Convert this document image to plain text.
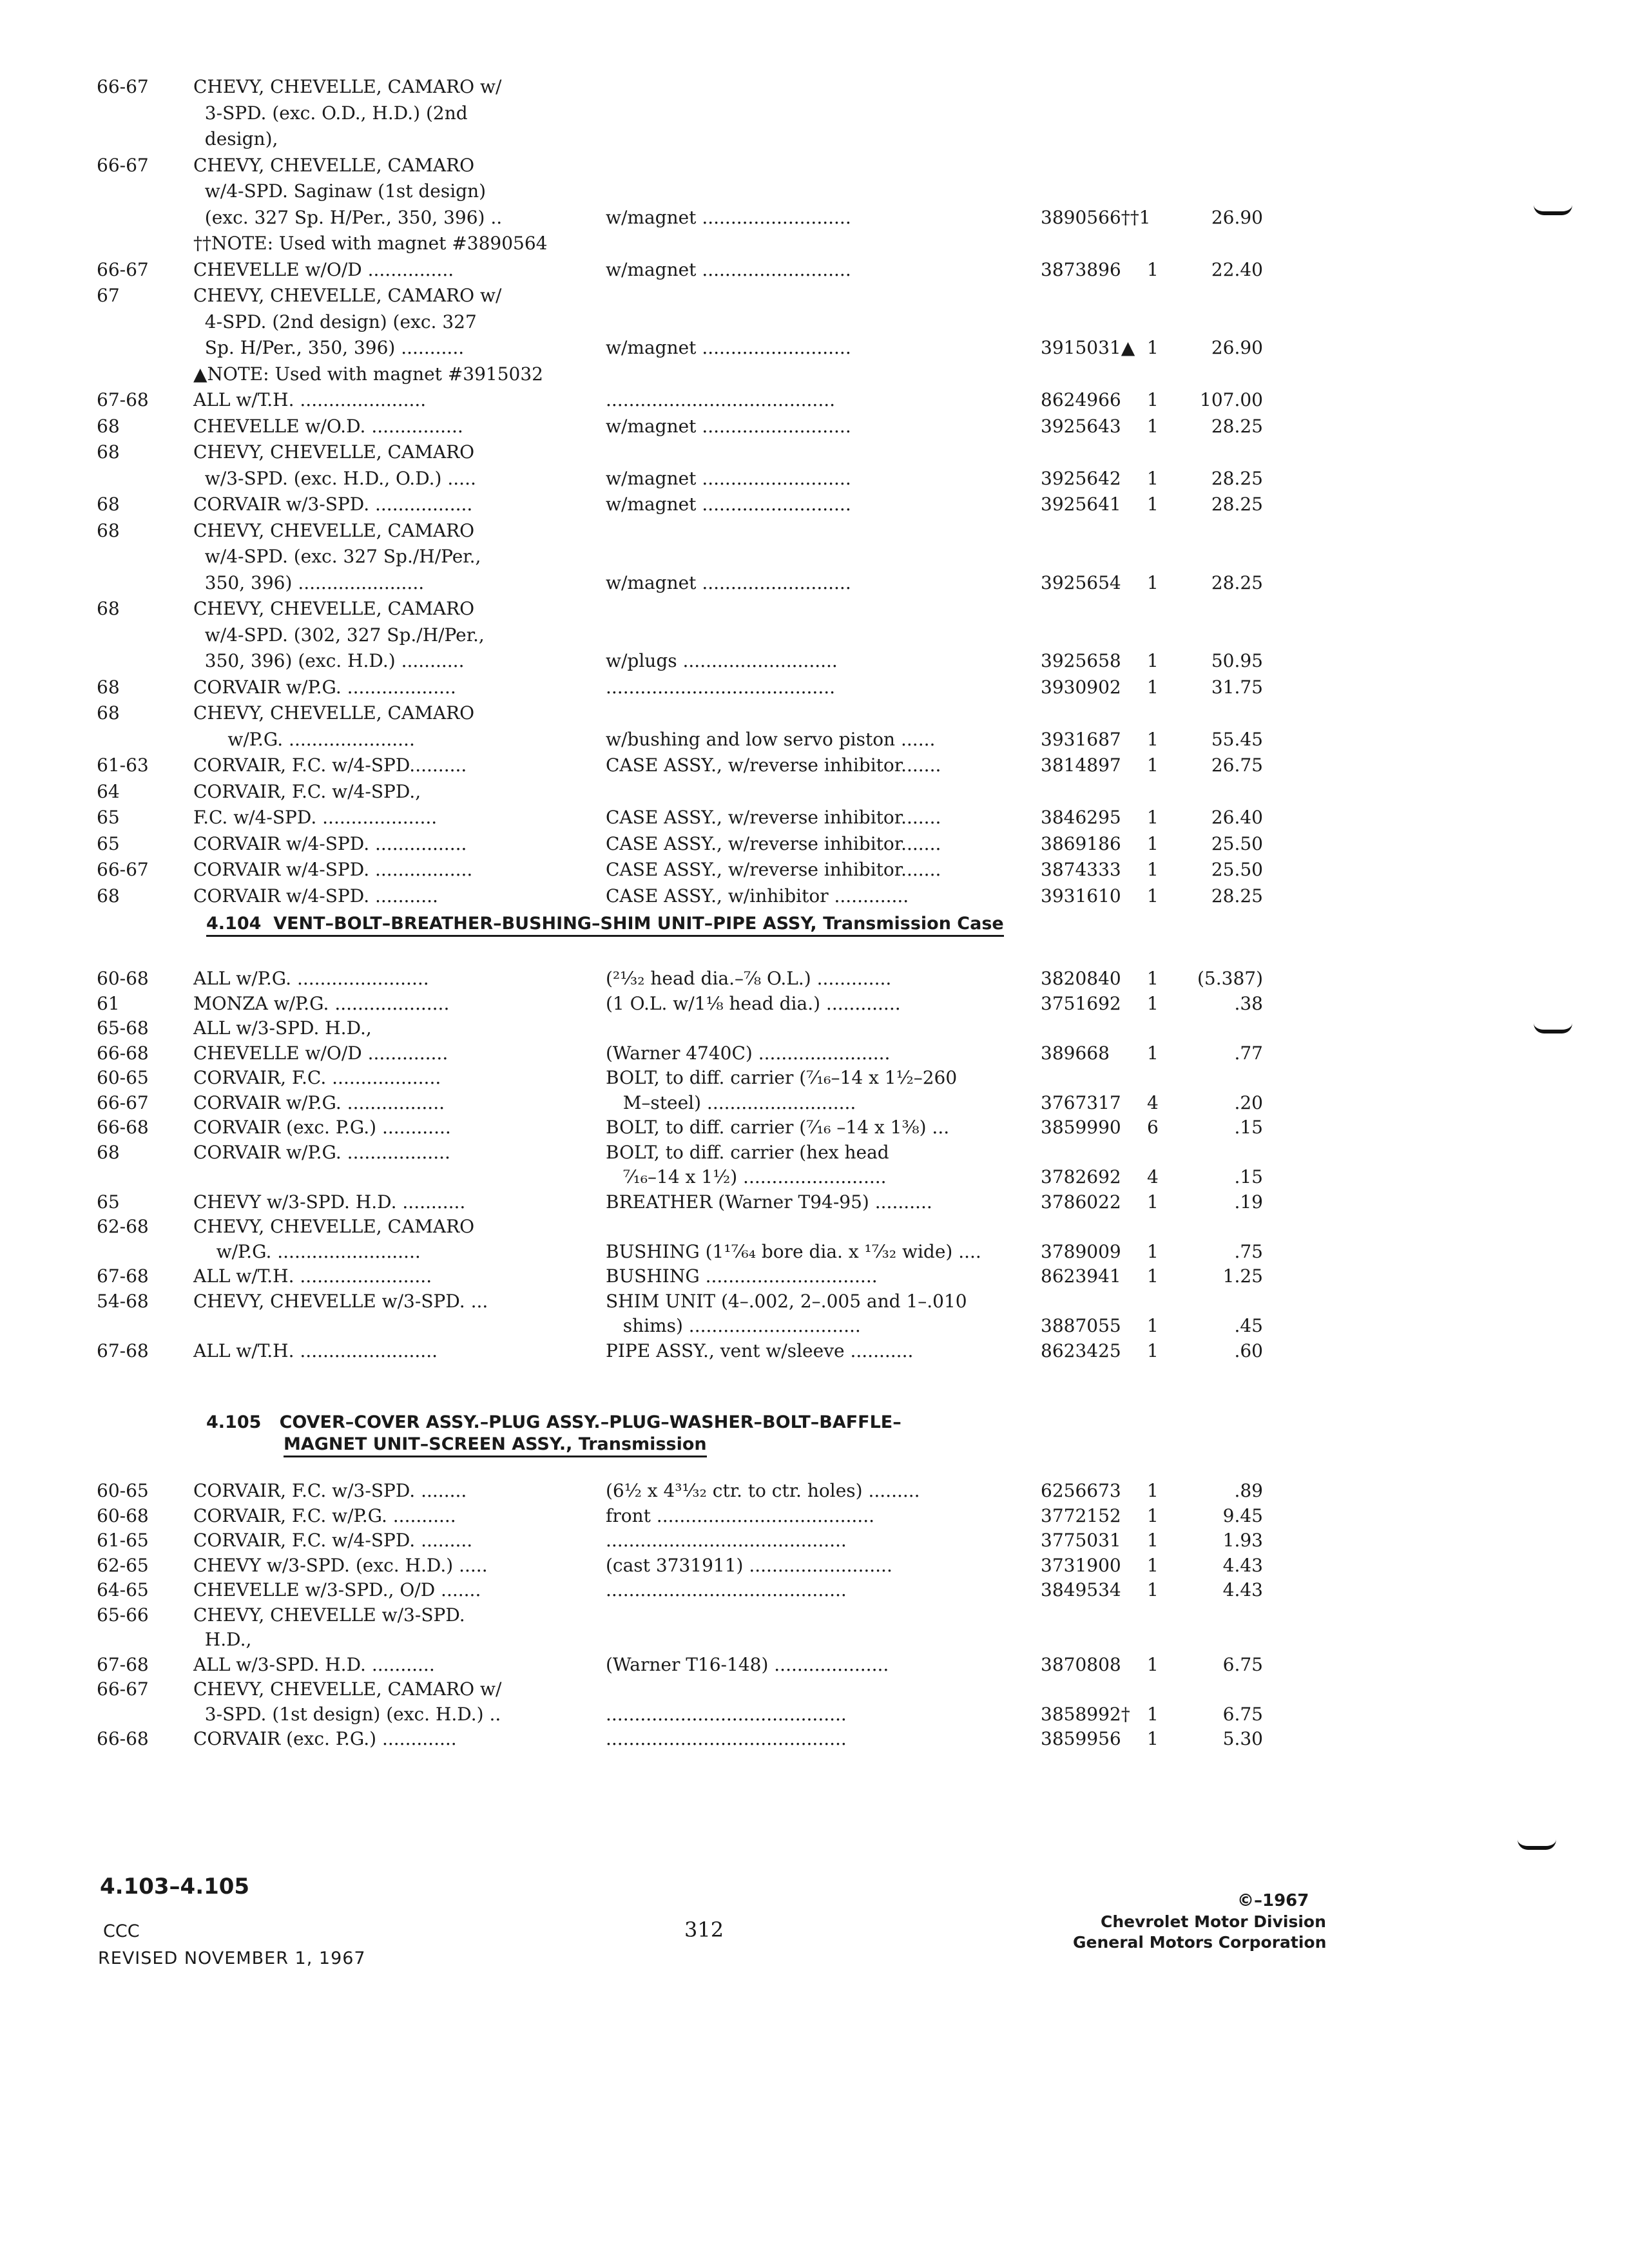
66-67 CHEVY, CHEVELLE, CAMARO w/
3-SPD. (exc. O.D., H.D.) (2nd
design),
66-67 CHEVY, CHEVELLE, CAMARO
w/4-SPD. Saginaw (1st design)
(exc. 327 Sp. H/Per., 350, 396) ..	w/magnet ..........................	3890566††1	26.90
††NOTE: Used with magnet #3890564
66-67 CHEVELLE w/O/D ...............	w/magnet ..........................	3873896 1	22.40
67	CHEVY, CHEVELLE, CAMARO w/
4-SPD. (2nd design) (exc. 327
Sp. H/Per., 350, 396) ...........	w/magnet ..........................	3915031▲ 1	26.90
▲NOTE: Used with magnet #3915032
67-68 ALL w/T.H. ......................	........................................	8624966 1	107.00
68	CHEVELLE w/O.D. ................	w/magnet ..........................	3925643 1	28.25
68	CHEVY, CHEVELLE, CAMARO
w/3-SPD. (exc. H.D., O.D.) .....	w/magnet ..........................	3925642 1	28.25
68	CORVAIR w/3-SPD. .................	w/magnet ..........................	3925641 1	28.25
68	CHEVY, CHEVELLE, CAMARO
w/4-SPD. (exc. 327 Sp./H/Per.,
350, 396) ......................	w/magnet ..........................	3925654 1	28.25
68	CHEVY, CHEVELLE, CAMARO
w/4-SPD. (302, 327 Sp./H/Per.,
350, 396) (exc. H.D.) ...........	w/plugs ...........................	3925658 1	50.95
68	CORVAIR w/P.G. ...................	........................................	3930902 1	31.75
68	CHEVY, CHEVELLE, CAMARO
w/P.G. ......................	w/bushing and low servo piston ......	3931687 1	55.45
61-63 CORVAIR, F.C. w/4-SPD..........	CASE ASSY., w/reverse inhibitor.......	3814897 1	26.75
64	CORVAIR, F.C. w/4-SPD.,
65	F.C. w/4-SPD. ....................	CASE ASSY., w/reverse inhibitor.......	3846295 1	26.40
65	CORVAIR w/4-SPD. ................	CASE ASSY., w/reverse inhibitor.......	3869186 1	25.50
66-67 CORVAIR w/4-SPD. .................	CASE ASSY., w/reverse inhibitor.......	3874333 1	25.50
68	CORVAIR w/4-SPD. ...........	CASE ASSY., w/inhibitor .............	3931610 1	28.25
4.104  VENT–BOLT–BREATHER–BUSHING–SHIM UNIT–PIPE ASSY, Transmission Case
60-68 ALL w/P.G. .......................	(²¹⁄₃₂ head dia.–⅞ O.L.) .............	3820840 1	(5.387)
61	MONZA w/P.G. ....................	(1 O.L. w/1⅛ head dia.) .............	3751692 1	.38
65-68 ALL w/3-SPD. H.D.,
66-68 CHEVELLE w/O/D ..............	(Warner 4740C) .......................	389668 1	.77
60-65 CORVAIR, F.C. ...................	BOLT, to diff. carrier (⁷⁄₁₆–14 x 1½–260
66-67 CORVAIR w/P.G. .................	M–steel) ..........................	3767317 4	.20
66-68 CORVAIR (exc. P.G.) ............	BOLT, to diff. carrier (⁷⁄₁₆ –14 x 1³⁄₈) ...	3859990 6	.15
68	CORVAIR w/P.G. ..................	BOLT, to diff. carrier (hex head
⁷⁄₁₆–14 x 1½) .........................	3782692 4	.15
65	CHEVY w/3-SPD. H.D. ...........	BREATHER (Warner T94-95) ..........	3786022 1	.19
62-68 CHEVY, CHEVELLE, CAMARO
w/P.G. .........................	BUSHING (1¹⁷⁄₆₄ bore dia. x ¹⁷⁄₃₂ wide) ....	3789009 1	.75
67-68 ALL w/T.H. .......................	BUSHING ..............................	8623941 1	1.25
54-68 CHEVY, CHEVELLE w/3-SPD. ...	SHIM UNIT (4–.002, 2–.005 and 1–.010
shims) ..............................	3887055 1	.45
67-68 ALL w/T.H. ........................	PIPE ASSY., vent w/sleeve ...........	8623425 1	.60
4.105   COVER–COVER ASSY.–PLUG ASSY.–PLUG–WASHER–BOLT–BAFFLE–
MAGNET UNIT–SCREEN ASSY., Transmission
60-65 CORVAIR, F.C. w/3-SPD. ........	(6½ x 4³¹⁄₃₂ ctr. to ctr. holes) .........	6256673 1	.89
60-68 CORVAIR, F.C. w/P.G. ...........	front ......................................	3772152 1	9.45
61-65 CORVAIR, F.C. w/4-SPD. .........	..........................................	3775031 1	1.93
62-65 CHEVY w/3-SPD. (exc. H.D.) .....	(cast 3731911) .........................	3731900 1	4.43
64-65 CHEVELLE w/3-SPD., O/D .......	..........................................	3849534 1	4.43
65-66 CHEVY, CHEVELLE w/3-SPD.
H.D.,
67-68 ALL w/3-SPD. H.D. ...........	(Warner T16-148) ....................	3870808 1	6.75
66-67 CHEVY, CHEVELLE, CAMARO w/
3-SPD. (1st design) (exc. H.D.) ..	..........................................	3858992† 1	6.75
66-68 CORVAIR (exc. P.G.) .............	..........................................	3859956 1	5.30
4.103–4.105
CCC
REVISED NOVEMBER 1, 1967
312
©–1967
Chevrolet Motor Division
General Motors Corporation
